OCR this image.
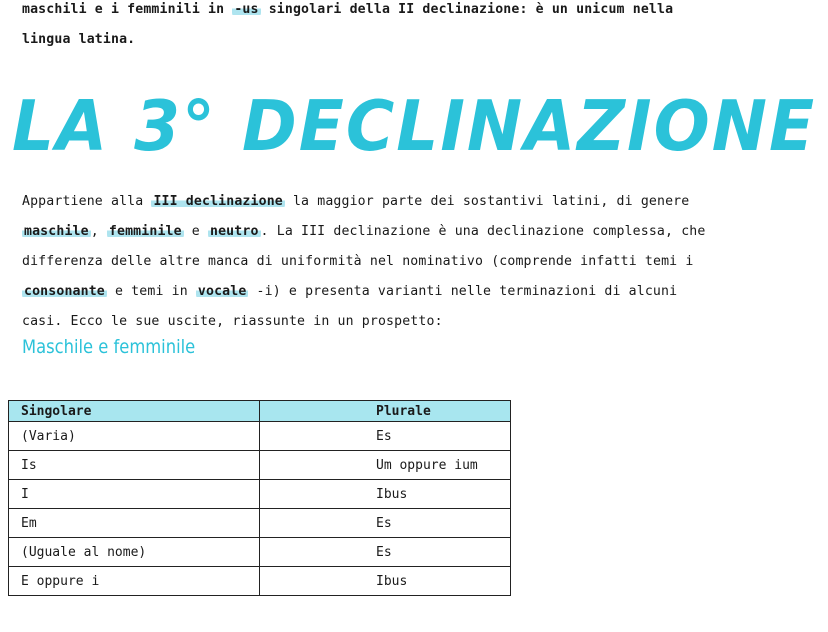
maschili e i femminili in -us singolari della II declinazione: è un unicum nella
lingua latina.
LA 3° DECLINAZIONE
Appartiene alla III declinazione la maggior parte dei sostantivi latini, di genere
maschile , femminile e neutro . La III declinazione è una declinazione complessa, che
differenza delle altre manca di uniformità nel nominativo (comprende infatti temi i
consonante e temi in vocale -i) e presenta varianti nelle terminazioni di alcuni
casi. Ecco le sue uscite, riassunte in un prospetto:
Maschile e femminile
Singolare	Plurale
(Varia)	Es
Is	Um oppure ium
I	Ibus
Em	Es
(Uguale al nome)	Es
E oppure i	Ibus
